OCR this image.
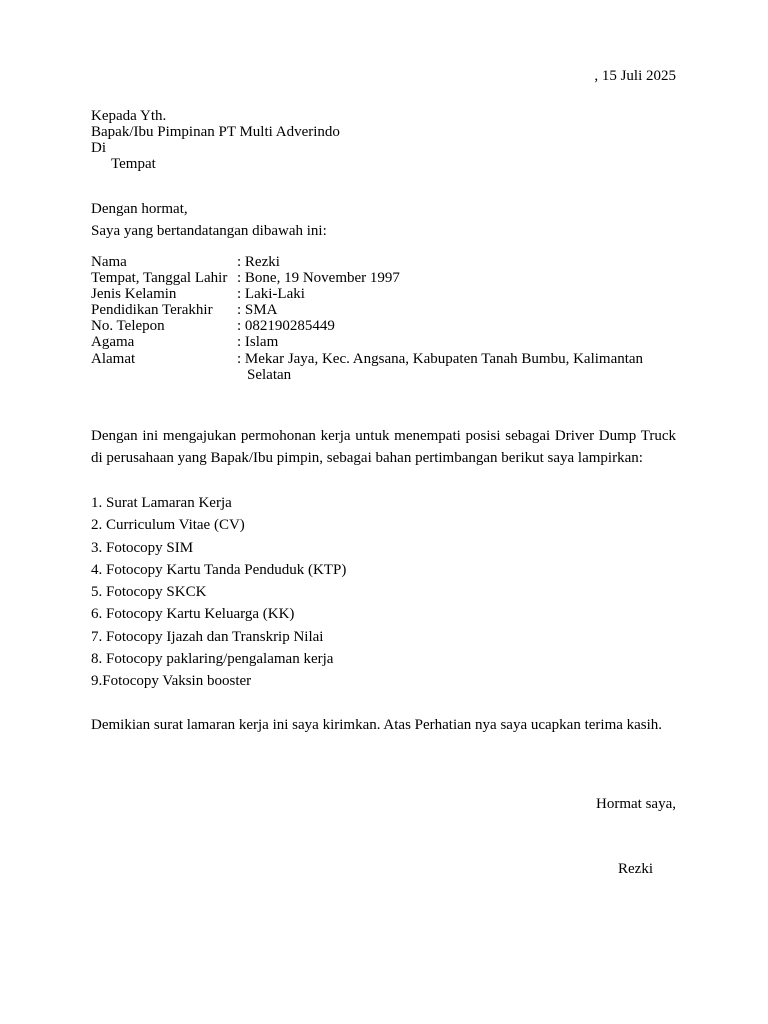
, 15 Juli 2025
Kepada Yth.
Bapak/Ibu Pimpinan PT Multi Adverindo
Di
Tempat
Dengan hormat,
Saya yang bertandatangan dibawah ini:
Nama	: Rezki
Tempat, Tanggal Lahir : Bone, 19 November 1997
Jenis Kelamin	: Laki-Laki
Pendidikan Terakhir	: SMA
No. Telepon	: 082190285449
Agama	: Islam
Alamat	: Mekar Jaya, Kec. Angsana, Kabupaten Tanah Bumbu, Kalimantan
Selatan
Dengan ini mengajukan permohonan kerja untuk menempati posisi sebagai Driver Dump Truck di perusahaan yang Bapak/Ibu pimpin, sebagai bahan pertimbangan berikut saya lampirkan:
1. Surat Lamaran Kerja
2. Curriculum Vitae (CV)
3. Fotocopy SIM
4. Fotocopy Kartu Tanda Penduduk (KTP)
5. Fotocopy SKCK
6. Fotocopy Kartu Keluarga (KK)
7. Fotocopy Ijazah dan Transkrip Nilai
8. Fotocopy paklaring/pengalaman kerja
9.Fotocopy Vaksin booster
Demikian surat lamaran kerja ini saya kirimkan. Atas Perhatian nya saya ucapkan terima kasih.
Hormat saya,
Rezki
